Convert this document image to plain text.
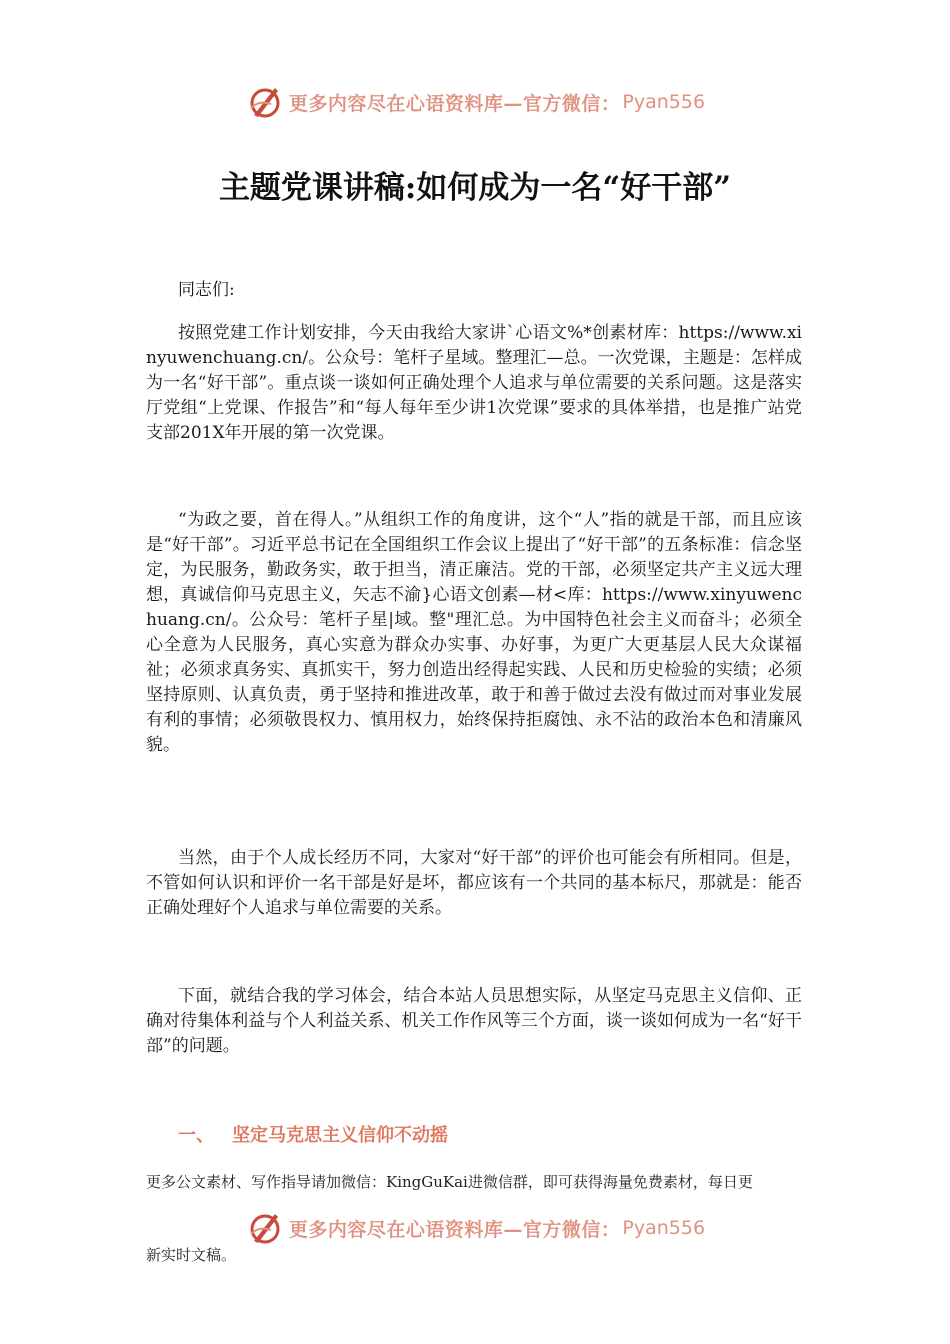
更多内容尽在心语资料库—官方微信： Pyan556
主题党课讲稿:如何成为一名“好干部”

同志们:

按照党建工作计划安排，今天由我给大家讲`心语文%*创素材库：https://www.xinyuwenchuang.cn/。公众号：笔杆子星域。整理汇—总。一次党课，主题是：怎样成为一名“好干部”。重点谈一谈如何正确处理个人追求与单位需要的关系问题。这是落实厅党组“上党课、作报告”和“每人每年至少讲1次党课”要求的具体举措，也是推广站党支部201X年开展的第一次党课。

“为政之要，首在得人。”从组织工作的角度讲，这个“人”指的就是干部，而且应该是“好干部”。习近平总书记在全国组织工作会议上提出了“好干部”的五条标准：信念坚定，为民服务，勤政务实，敢于担当，清正廉洁。党的干部，必须坚定共产主义远大理想，真诚信仰马克思主义，矢志不渝}心语文创素—材<库：https://www.xinyuwenchuang.cn/。公众号：笔杆子星|域。整"理汇总。为中国特色社会主义而奋斗；必须全心全意为人民服务，真心实意为群众办实事、办好事，为更广大更基层人民大众谋福祉；必须求真务实、真抓实干，努力创造出经得起实践、人民和历史检验的实绩；必须坚持原则、认真负责，勇于坚持和推进改革，敢于和善于做过去没有做过而对事业发展有利的事情；必须敬畏权力、慎用权力，始终保持拒腐蚀、永不沾的政治本色和清廉风貌。

当然，由于个人成长经历不同，大家对“好干部”的评价也可能会有所相同。但是，不管如何认识和评价一名干部是好是坏，都应该有一个共同的基本标尺，那就是：能否正确处理好个人追求与单位需要的关系。

下面，就结合我的学习体会，结合本站人员思想实际，从坚定马克思主义信仰、正确对待集体利益与个人利益关系、机关工作作风等三个方面，谈一谈如何成为一名“好干部”的问题。

一、 坚定马克思主义信仰不动摇

更多公文素材、写作指导请加微信：KingGuKai进微信群，即可获得海量免费素材，每日更

更多内容尽在心语资料库—官方微信： Pyan556

新实时文稿。
